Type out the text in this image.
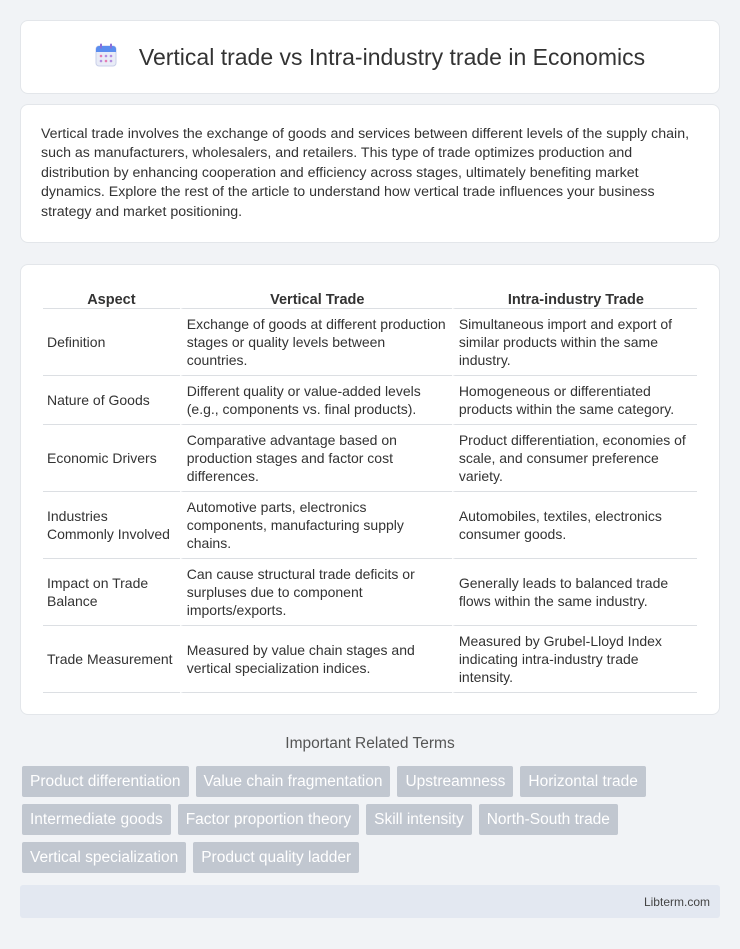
Vertical trade vs Intra-industry trade in Economics

Vertical trade involves the exchange of goods and services between different levels of the supply chain, such as manufacturers, wholesalers, and retailers. This type of trade optimizes production and distribution by enhancing cooperation and efficiency across stages, ultimately benefiting market dynamics. Explore the rest of the article to understand how vertical trade influences your business strategy and market positioning.

Aspect	Vertical Trade	Intra-industry Trade
Definition	Exchange of goods at different production stages or quality levels between countries.	Simultaneous import and export of similar products within the same industry.
Nature of Goods	Different quality or value-added levels (e.g., components vs. final products).	Homogeneous or differentiated products within the same category.
Economic Drivers	Comparative advantage based on production stages and factor cost differences.	Product differentiation, economies of scale, and consumer preference variety.
Industries Commonly Involved	Automotive parts, electronics components, manufacturing supply chains.	Automobiles, textiles, electronics consumer goods.
Impact on Trade Balance	Can cause structural trade deficits or surpluses due to component imports/exports.	Generally leads to balanced trade flows within the same industry.
Trade Measurement	Measured by value chain stages and vertical specialization indices.	Measured by Grubel-Lloyd Index indicating intra-industry trade intensity.
Important Related Terms
Product differentiation	Value chain fragmentation	Upstreamness	Horizontal trade
Intermediate goods	Factor proportion theory	Skill intensity	North-South trade
Vertical specialization	Product quality ladder
Libterm.com
